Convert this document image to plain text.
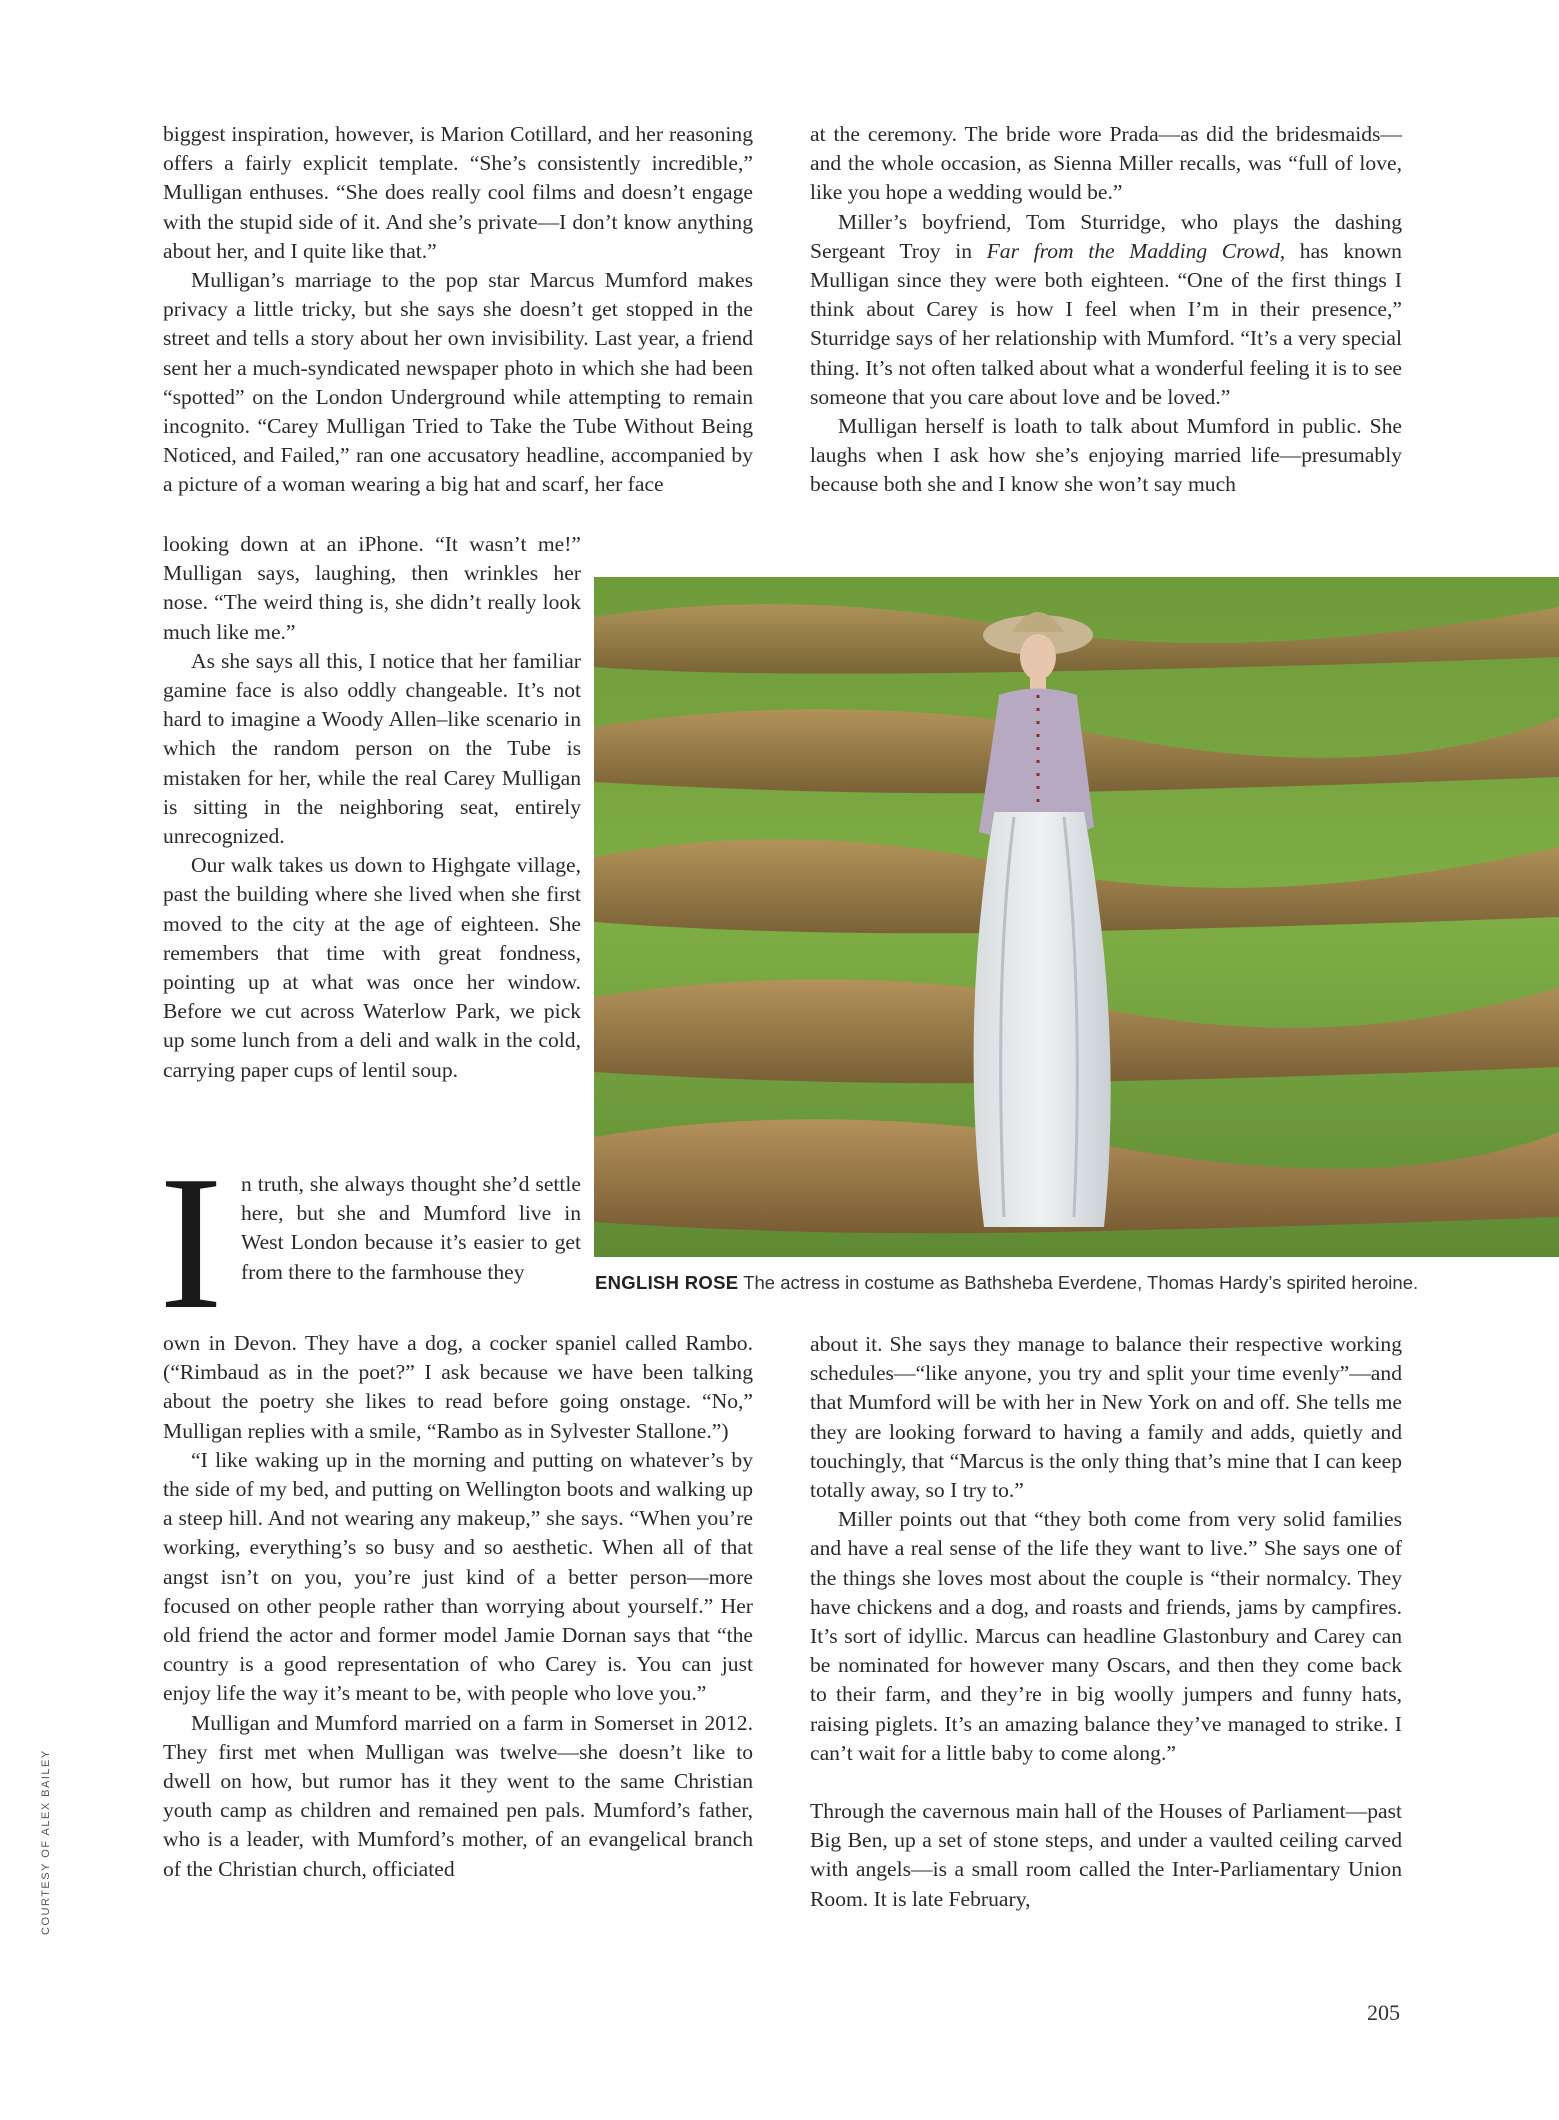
biggest inspiration, however, is Marion Cotillard, and her reasoning offers a fairly explicit template. “She’s consistently incredible,” Mulligan enthuses. “She does really cool films and doesn’t engage with the stupid side of it. And she’s private—I don’t know anything about her, and I quite like that.”

Mulligan’s marriage to the pop star Marcus Mumford makes privacy a little tricky, but she says she doesn’t get stopped in the street and tells a story about her own invisibility. Last year, a friend sent her a much-syndicated newspaper photo in which she had been “spotted” on the London Underground while attempting to remain incognito. “Carey Mulligan Tried to Take the Tube Without Being Noticed, and Failed,” ran one accusatory headline, accompanied by a picture of a woman wearing a big hat and scarf, her face

looking down at an iPhone. “It wasn’t me!” Mulligan says, laughing, then wrinkles her nose. “The weird thing is, she didn’t really look much like me.”

As she says all this, I notice that her familiar gamine face is also oddly changeable. It’s not hard to imagine a Woody Allen–like scenario in which the random person on the Tube is mistaken for her, while the real Carey Mulligan is sitting in the neighboring seat, entirely unrecognized.

Our walk takes us down to Highgate village, past the building where she lived when she first moved to the city at the age of eighteen. She remembers that time with great fondness, pointing up at what was once her window. Before we cut across Waterlow Park, we pick up some lunch from a deli and walk in the cold, carrying paper cups of lentil soup.

I n truth, she always thought she’d settle here, but she and Mumford live in West London because it’s easier to get from there to the farmhouse they

own in Devon. They have a dog, a cocker spaniel called Rambo. (“Rimbaud as in the poet?” I ask because we have been talking about the poetry she likes to read before going onstage. “No,” Mulligan replies with a smile, “Rambo as in Sylvester Stallone.”)

“I like waking up in the morning and putting on whatever’s by the side of my bed, and putting on Wellington boots and walking up a steep hill. And not wearing any makeup,” she says. “When you’re working, everything’s so busy and so aesthetic. When all of that angst isn’t on you, you’re just kind of a better person—more focused on other people rather than worrying about yourself.” Her old friend the actor and former model Jamie Dornan says that “the country is a good representation of who Carey is. You can just enjoy life the way it’s meant to be, with people who love you.”

Mulligan and Mumford married on a farm in Somerset in 2012. They first met when Mulligan was twelve—she doesn’t like to dwell on how, but rumor has it they went to the same Christian youth camp as children and remained pen pals. Mumford’s father, who is a leader, with Mumford’s mother, of an evangelical branch of the Christian church, officiated

at the ceremony. The bride wore Prada—as did the bridesmaids—and the whole occasion, as Sienna Miller recalls, was “full of love, like you hope a wedding would be.”

Miller’s boyfriend, Tom Sturridge, who plays the dashing Sergeant Troy in Far from the Madding Crowd, has known Mulligan since they were both eighteen. “One of the first things I think about Carey is how I feel when I’m in their presence,” Sturridge says of her relationship with Mumford. “It’s a very special thing. It’s not often talked about what a wonderful feeling it is to see someone that you care about love and be loved.”

Mulligan herself is loath to talk about Mumford in public. She laughs when I ask how she’s enjoying married life—presumably because both she and I know she won’t say much

ENGLISH ROSE The actress in costume as Bathsheba Everdene, Thomas Hardy’s spirited heroine.

about it. She says they manage to balance their respective working schedules—“like anyone, you try and split your time evenly”—and that Mumford will be with her in New York on and off. She tells me they are looking forward to having a family and adds, quietly and touchingly, that “Marcus is the only thing that’s mine that I can keep totally away, so I try to.”

Miller points out that “they both come from very solid families and have a real sense of the life they want to live.” She says one of the things she loves most about the couple is “their normalcy. They have chickens and a dog, and roasts and friends, jams by campfires. It’s sort of idyllic. Marcus can headline Glastonbury and Carey can be nominated for however many Oscars, and then they come back to their farm, and they’re in big woolly jumpers and funny hats, raising piglets. It’s an amazing balance they’ve managed to strike. I can’t wait for a little baby to come along.”

Through the cavernous main hall of the Houses of Parliament—past Big Ben, up a set of stone steps, and under a vaulted ceiling carved with angels—is a small room called the Inter-Parliamentary Union Room. It is late February,

COURTESY OF ALEX BAILEY
205
